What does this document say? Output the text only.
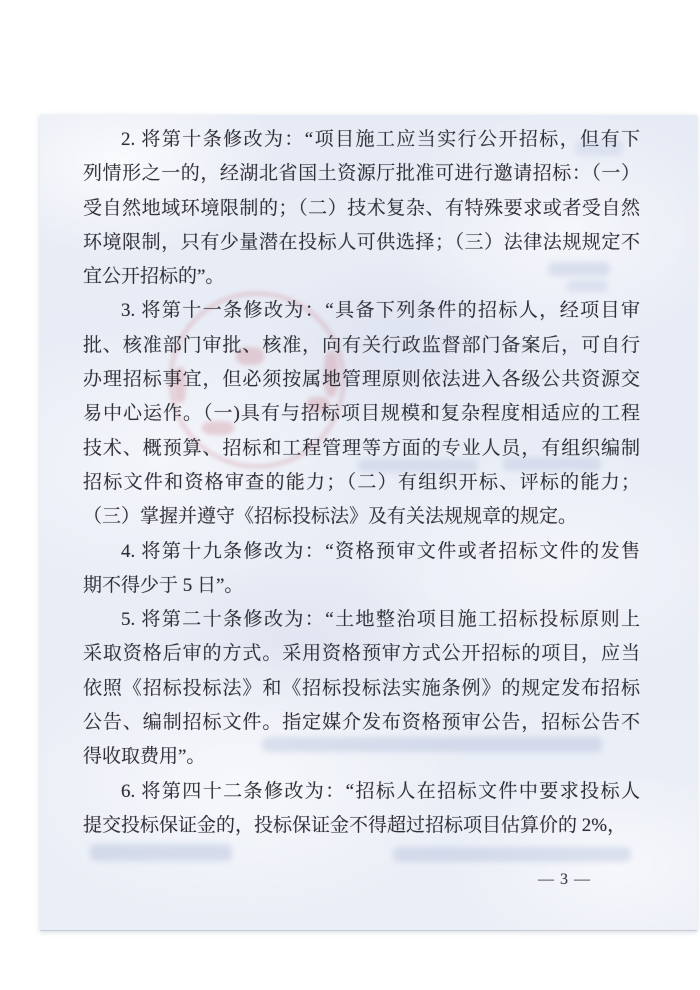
2. 将第十条修改为：“项目施工应当实行公开招标，但有下
列情形之一的，经湖北省国土资源厅批准可进行邀请招标：（一）
受自然地域环境限制的；（二）技术复杂、有特殊要求或者受自然
环境限制，只有少量潜在投标人可供选择；（三）法律法规规定不
宜公开招标的”。
3. 将第十一条修改为：“具备下列条件的招标人，经项目审
批、核准部门审批、核准，向有关行政监督部门备案后，可自行
办理招标事宜，但必须按属地管理原则依法进入各级公共资源交
易中心运作。（一)具有与招标项目规模和复杂程度相适应的工程
技术、概预算、招标和工程管理等方面的专业人员，有组织编制
招标文件和资格审查的能力；（二）有组织开标、评标的能力；
（三）掌握并遵守《招标投标法》及有关法规规章的规定。
4. 将第十九条修改为：“资格预审文件或者招标文件的发售
期不得少于 5 日”。
5. 将第二十条修改为：“土地整治项目施工招标投标原则上
采取资格后审的方式。采用资格预审方式公开招标的项目，应当
依照《招标投标法》和《招标投标法实施条例》的规定发布招标
公告、编制招标文件。指定媒介发布资格预审公告，招标公告不
得收取费用”。
6. 将第四十二条修改为：“招标人在招标文件中要求投标人
提交投标保证金的，投标保证金不得超过招标项目估算价的 2%，
— 3 —
